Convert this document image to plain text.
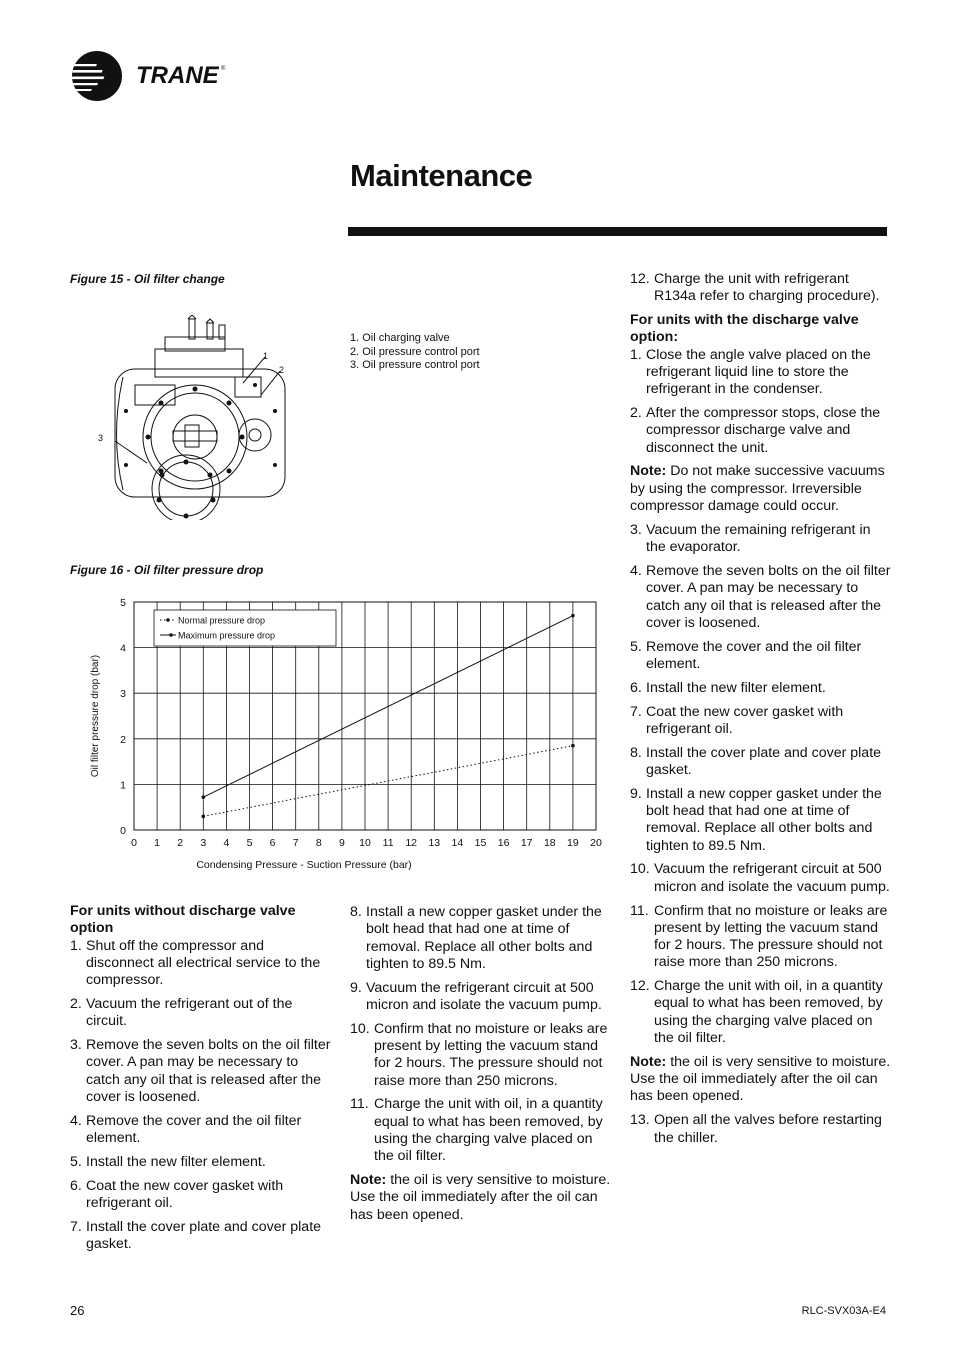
TRANE ®
Maintenance
Figure 15 - Oil filter change
1
2
3
1. Oil charging valve
2. Oil pressure control port
3. Oil pressure control port
Figure 16 - Oil filter pressure drop
0 1 2 3 4 5 6 7 8 9 10 11 12 13 14 15 16 17 18 19 20
0
1
2
3
4
5
Condensing Pressure - Suction Pressure (bar)
Oil filter pressure drop (bar)
Normal pressure drop
Maximum pressure drop

For units without discharge valve option

1. Shut off the compressor and disconnect all electrical service to the compressor.
2. Vacuum the refrigerant out of the circuit.
3. Remove the seven bolts on the oil filter cover. A pan may be necessary to catch any oil that is released after the cover is loosened.
4. Remove the cover and the oil filter element.
5. Install the new filter element.
6. Coat the new cover gasket with refrigerant oil.
7. Install the cover plate and cover plate gasket.
8. Install a new copper gasket under the bolt head that had one at time of removal. Replace all other bolts and tighten to 89.5 Nm.
9. Vacuum the refrigerant circuit at 500 micron and isolate the vacuum pump.
10. Confirm that no moisture or leaks are present by letting the vacuum stand for 2 hours. The pressure should not raise more than 250 microns.
11. Charge the unit with oil, in a quantity equal to what has been removed, by using the charging valve placed on the oil filter.

Note: the oil is very sensitive to moisture. Use the oil immediately after the oil can has been opened.

12. Charge the unit with refrigerant R134a refer to charging procedure).

For units with the discharge valve option:

1. Close the angle valve placed on the refrigerant liquid line to store the refrigerant in the condenser.
2. After the compressor stops, close the compressor discharge valve and disconnect the unit.

Note: Do not make successive vacuums by using the compressor. Irreversible compressor damage could occur.

3. Vacuum the remaining refrigerant in the evaporator.
4. Remove the seven bolts on the oil filter cover. A pan may be necessary to catch any oil that is released after the cover is loosened.
5. Remove the cover and the oil filter element.
6. Install the new filter element.
7. Coat the new cover gasket with refrigerant oil.
8. Install the cover plate and cover plate gasket.
9. Install a new copper gasket under the bolt head that had one at time of removal. Replace all other bolts and tighten to 89.5 Nm.
10. Vacuum the refrigerant circuit at 500 micron and isolate the vacuum pump.
11. Confirm that no moisture or leaks are present by letting the vacuum stand for 2 hours. The pressure should not raise more than 250 microns.
12. Charge the unit with oil, in a quantity equal to what has been removed, by using the charging valve placed on the oil filter.

Note: the oil is very sensitive to moisture. Use the oil immediately after the oil can has been opened.

13. Open all the valves before restarting the chiller.
26	RLC-SVX03A-E4
